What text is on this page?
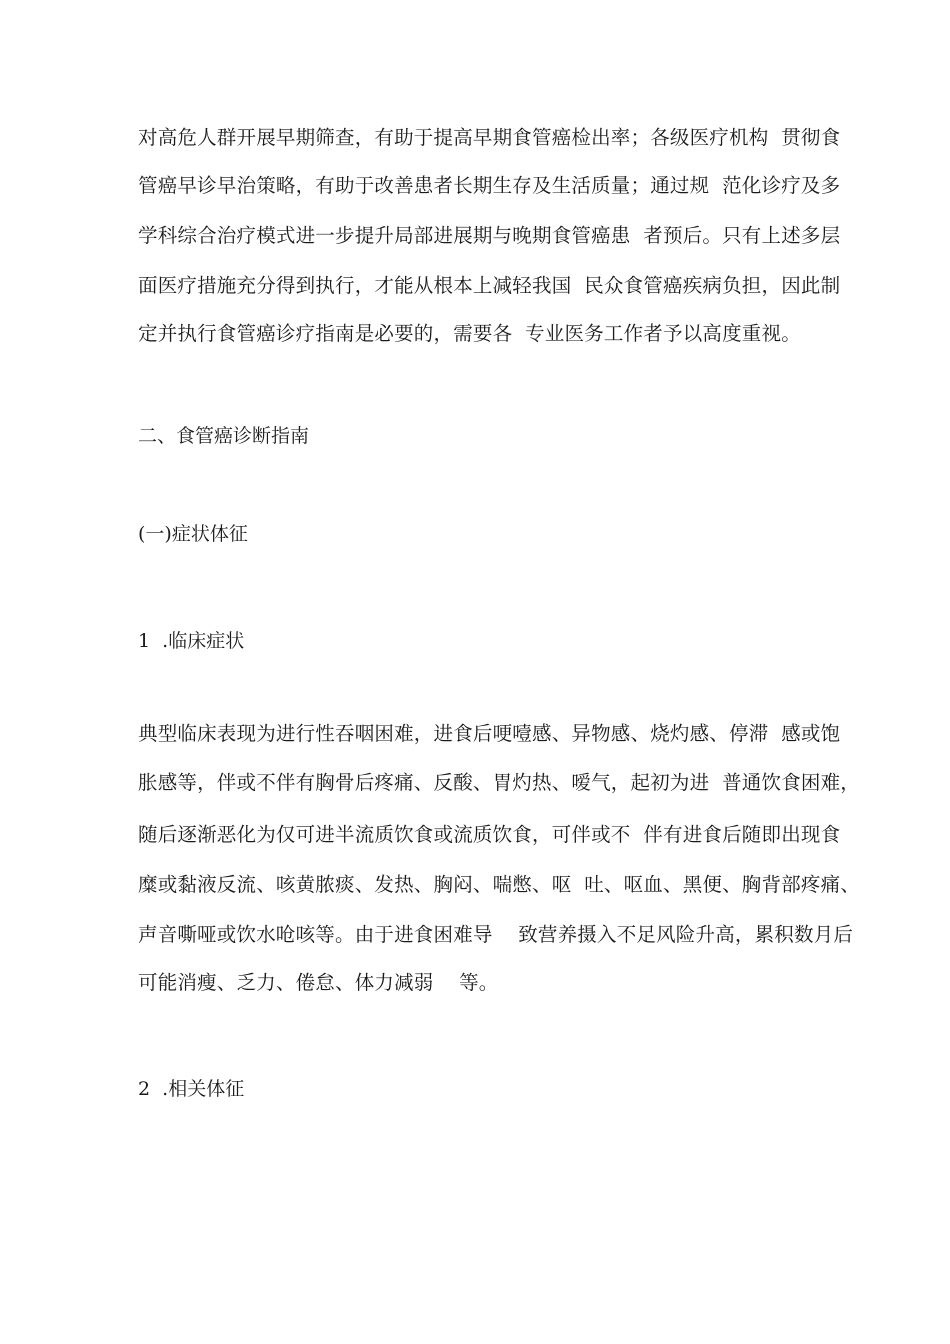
对高危人群开展早期筛查，有助于提高早期食管癌检出率；各级医疗机构  贯彻食
管癌早诊早治策略，有助于改善患者长期生存及生活质量；通过规  范化诊疗及多
学科综合治疗模式进一步提升局部进展期与晚期食管癌患  者预后。只有上述多层
面医疗措施充分得到执行，才能从根本上减轻我国  民众食管癌疾病负担，因此制
定并执行食管癌诊疗指南是必要的，需要各  专业医务工作者予以高度重视。
二、食管癌诊断指南
(一)症状体征
1  .临床症状
典型临床表现为进行性吞咽困难，进食后哽噎感、异物感、烧灼感、停滞  感或饱
胀感等，伴或不伴有胸骨后疼痛、反酸、胃灼热、嗳气，起初为进  普通饮食困难，
随后逐渐恶化为仅可进半流质饮食或流质饮食，可伴或不  伴有进食后随即出现食
糜或黏液反流、咳黄脓痰、发热、胸闷、喘憋、呕  吐、呕血、黑便、胸背部疼痛、
声音嘶哑或饮水呛咳等。由于进食困难导    致营养摄入不足风险升高，累积数月后
可能消瘦、乏力、倦怠、体力减弱    等。
2  .相关体征
